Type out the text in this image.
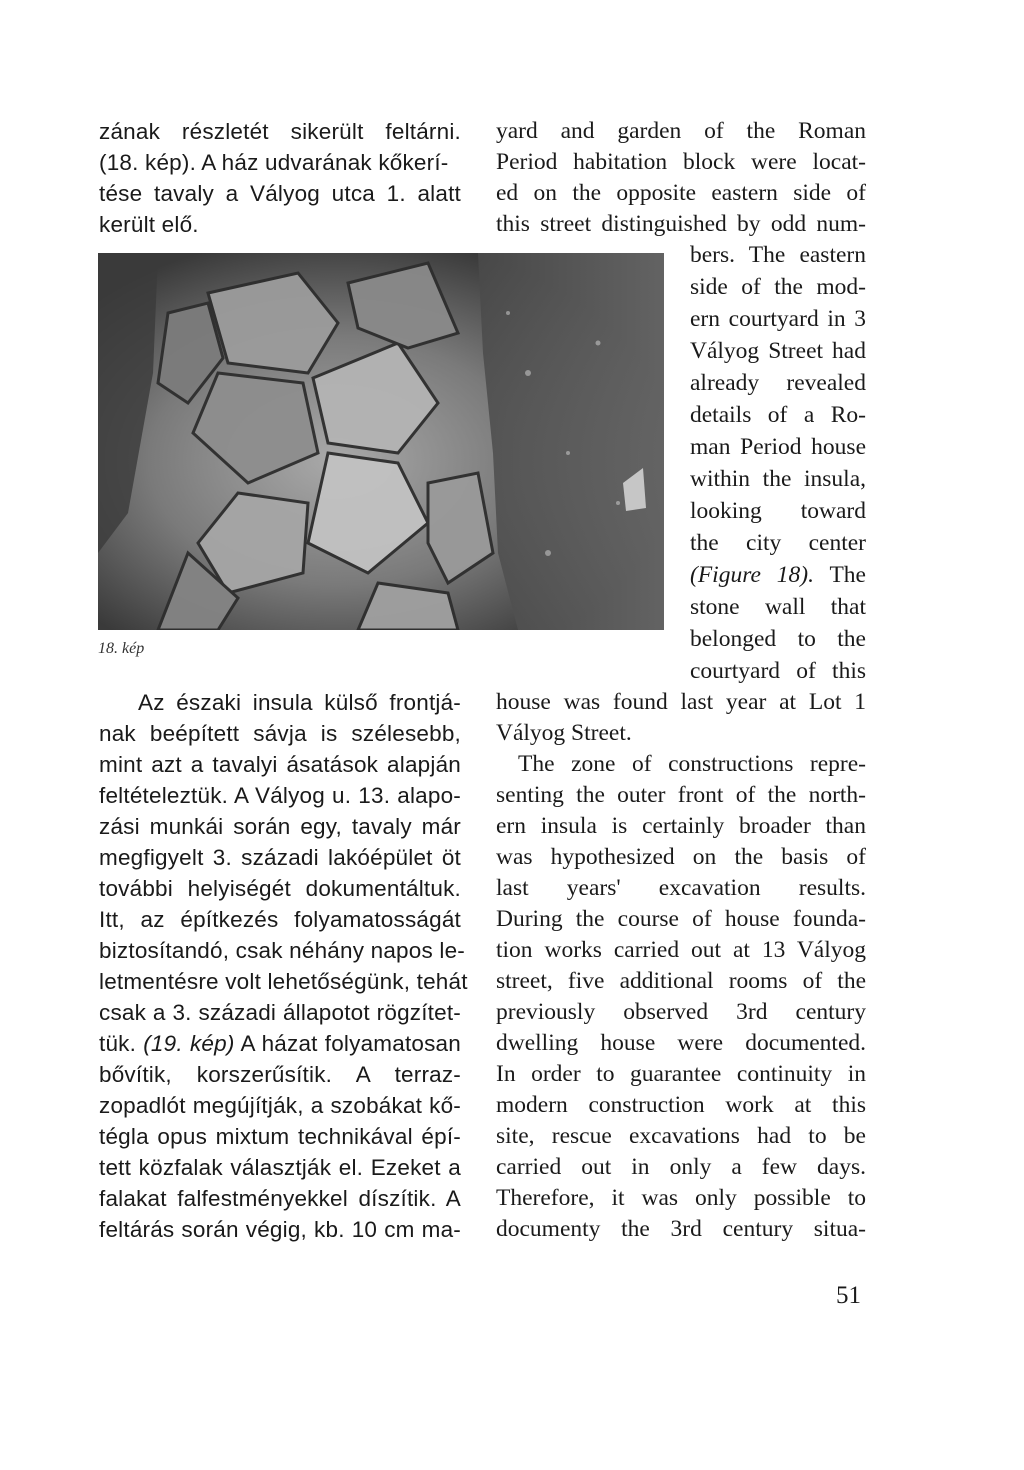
zának részletét sikerült feltárni.
(18. kép). A ház udvarának kőkerí-
tése tavaly a Vályog utca 1. alatt
került elő.
yard and garden of the Roman
Period habitation block were locat-
ed on the opposite eastern side of
this street distinguished by odd num-
18. kép
bers. The eastern
side of the mod-
ern courtyard in 3
Vályog Street had
already revealed
details of a Ro-
man Period house
within the insula,
looking toward
the city center
(Figure 18). The
stone wall that
belonged to the
courtyard of this
Az északi insula külső frontjá-
nak beépített sávja is szélesebb,
mint azt a tavalyi ásatások alapján
feltételeztük. A Vályog u. 13. alapo-
zási munkái során egy, tavaly már
megfigyelt 3. századi lakóépület öt
további helyiségét dokumentáltuk.
Itt, az építkezés folyamatosságát
biztosítandó, csak néhány napos le-
letmentésre volt lehetőségünk, tehát
csak a 3. századi állapotot rögzítet-
tük. (19. kép) A házat folyamatosan
bővítik, korszerűsítik. A terraz-
zopadlót megújítják, a szobákat kő-
tégla opus mixtum technikával épí-
tett közfalak választják el. Ezeket a
falakat falfestményekkel díszítik. A
feltárás során végig, kb. 10 cm ma-
house was found last year at Lot 1
Vályog Street.
The zone of constructions repre-
senting the outer front of the north-
ern insula is certainly broader than
was hypothesized on the basis of
last years' excavation results.
During the course of house founda-
tion works carried out at 13 Vályog
street, five additional rooms of the
previously observed 3rd century
dwelling house were documented.
In order to guarantee continuity in
modern construction work at this
site, rescue excavations had to be
carried out in only a few days.
Therefore, it was only possible to
documenty the 3rd century situa-
51
